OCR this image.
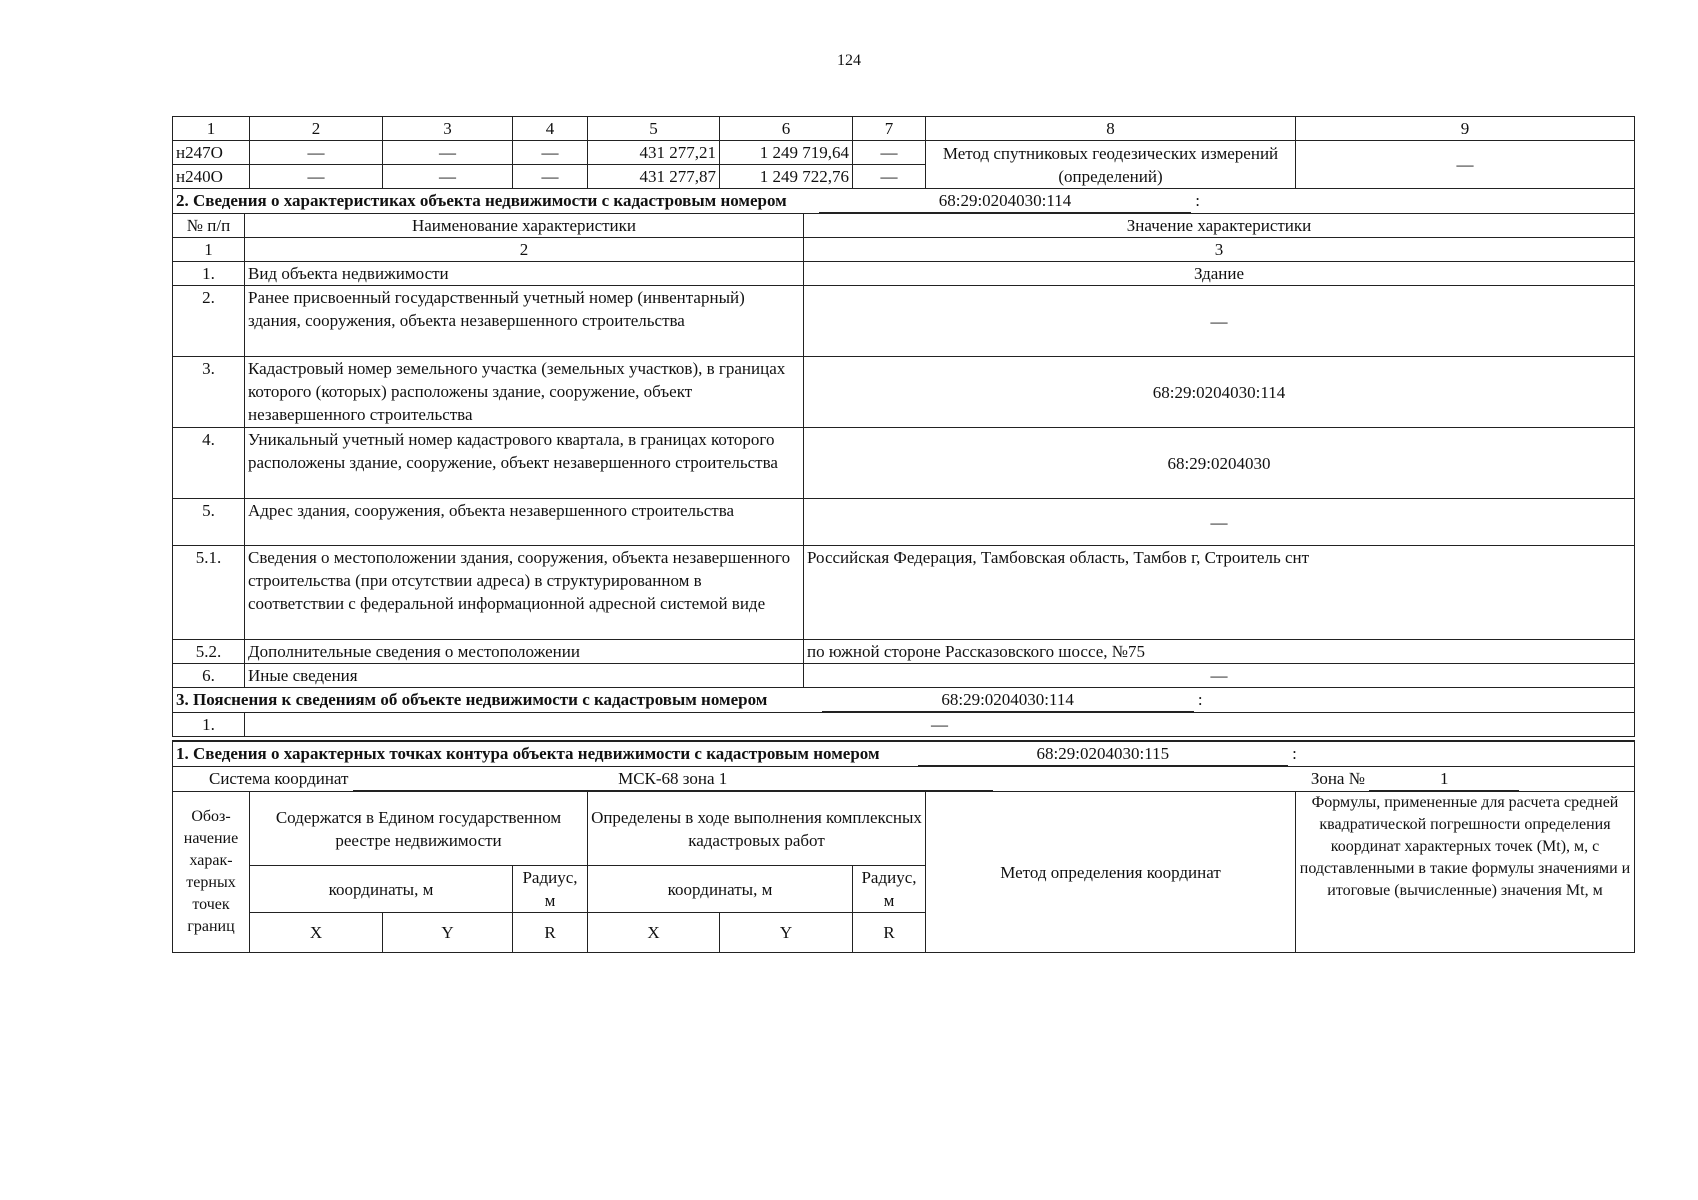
124
1	2	3	4	5	6	7	8	9
н247О	—	—	—	431 277,21	1 249 719,64	—	Метод спутниковых геодезических измерений (определений)	—
н240О	—	—	—	431 277,87	1 249 722,76	—		
2. Сведения о характеристиках объекта недвижимости с кадастровым номером 68:29:0204030:114 :		
№ п/п	Наименование характеристики	Значение характеристики
1	2	3
1.	Вид объекта недвижимости	Здание
2.	Ранее присвоенный государственный учетный номер (инвентарный) здания, сооружения, объекта незавершенного строительства	—
3.	Кадастровый номер земельного участка (земельных участков), в границах которого (которых) расположены здание, сооружение, объект незавершенного строительства	68:29:0204030:114
4.	Уникальный учетный номер кадастрового квартала, в границах которого расположены здание, сооружение, объект незавершенного строительства	68:29:0204030
5.	Адрес здания, сооружения, объекта незавершенного строительства	—
5.1.	Сведения о местоположении здания, сооружения, объекта незавершенного строительства (при отсутствии адреса) в структурированном в соответствии с федеральной информационной адресной системой виде	Российская Федерация, Тамбовская область, Тамбов г, Строитель снт
5.2.	Дополнительные сведения о местоположении	по южной стороне Рассказовского шоссе, №75
6.	Иные сведения	—
3. Пояснения к сведениям об объекте недвижимости с кадастровым номером	68:29:0204030:114	:
1.	—
1. Сведения о характерных точках контура объекта недвижимости с кадастровым номером 68:29:0204030:115 :								
Система координат МСК-68 зона 1 Зона № 1								
Обоз-начение харак-терных точек границ	Содержатся в Едином государственном реестре недвижимости			Определены в ходе выполнения комплексных кадастровых работ			Метод определения координат	Формулы, примененные для расчета средней квадратической погрешности определения координат характерных точек (Mt), м, с подставленными в такие формулы значениями и итоговые (вычисленные) значения Mt, м
	координаты, м		Радиус, м	координаты, м		Радиус, м		
	X	Y	R	X	Y	R		
